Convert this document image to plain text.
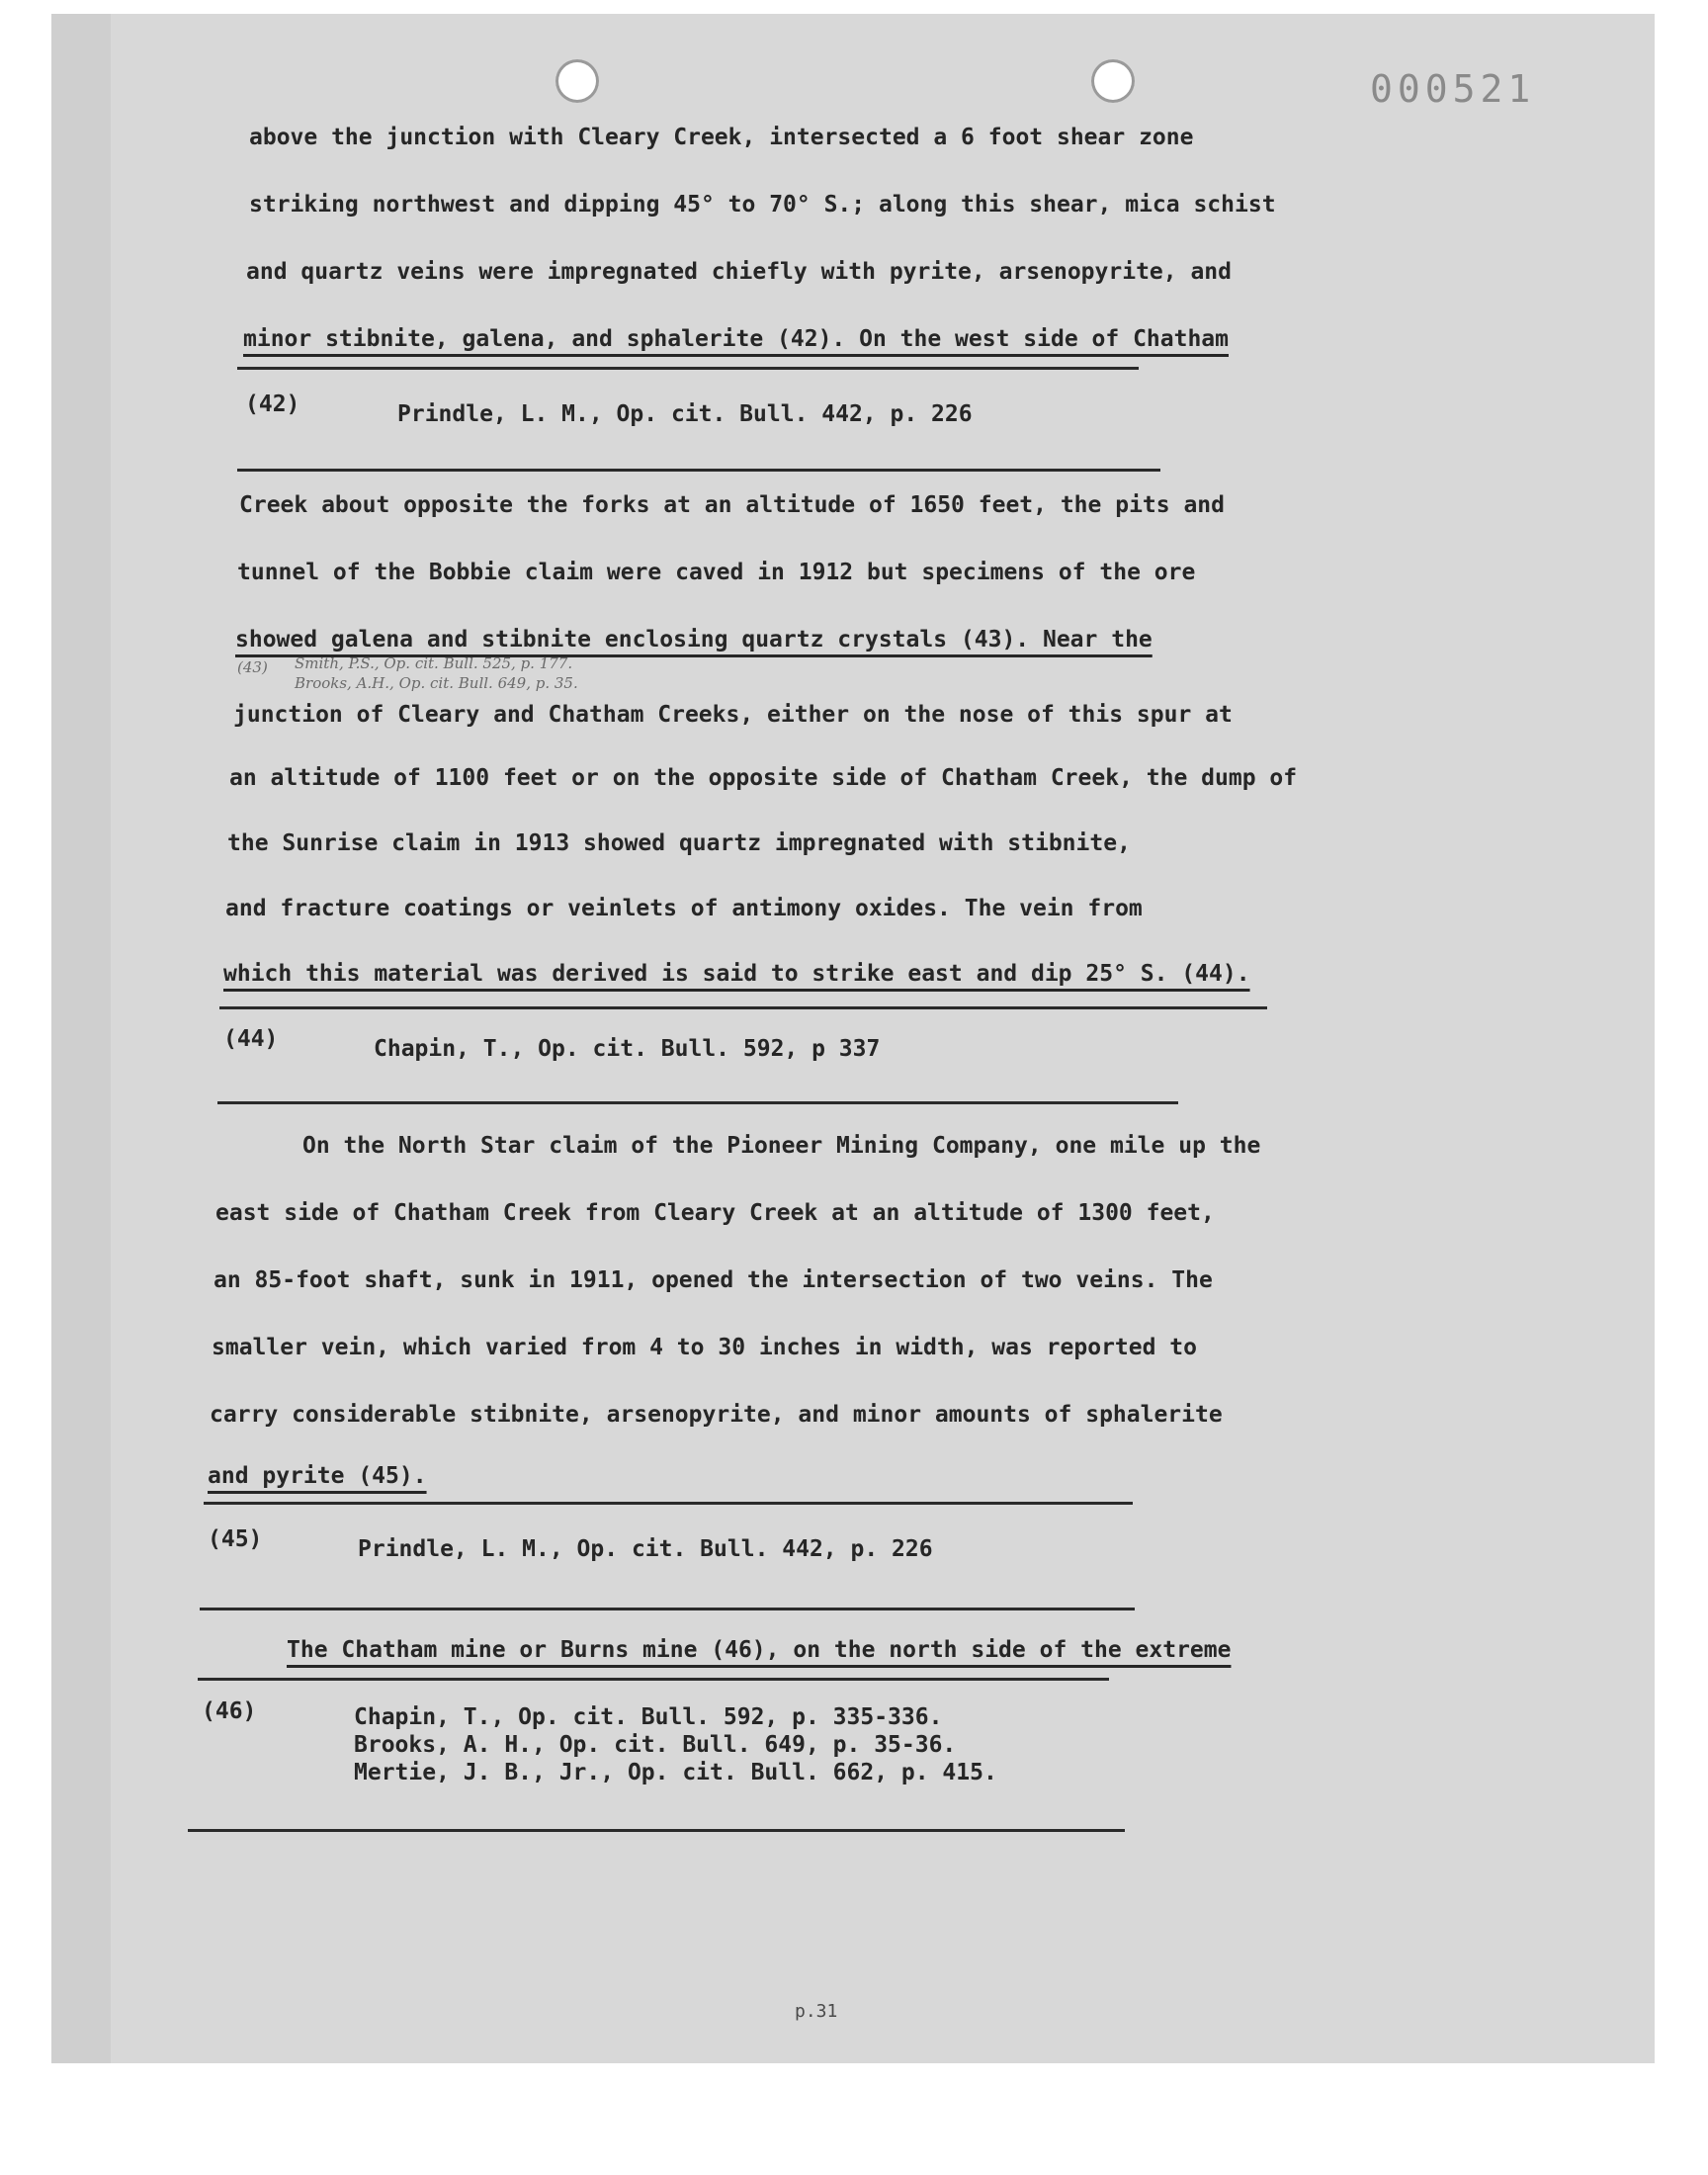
000521
above the junction with Cleary Creek, intersected a 6 foot shear zone
striking northwest and dipping 45° to 70° S.; along this shear, mica schist
and quartz veins were impregnated chiefly with pyrite, arsenopyrite, and
minor stibnite, galena, and sphalerite (42). On the west side of Chatham
(42)	Prindle, L. M., Op. cit. Bull. 442, p. 226
Creek about opposite the forks at an altitude of 1650 feet, the pits and
tunnel of the Bobbie claim were caved in 1912 but specimens of the ore
showed galena and stibnite enclosing quartz crystals (43). Near the
(43) Smith, P.S., Op. cit. Bull. 525, p. 177.
Brooks, A.H., Op. cit. Bull. 649, p. 35.
junction of Cleary and Chatham Creeks, either on the nose of this spur at
an altitude of 1100 feet or on the opposite side of Chatham Creek, the dump of
the Sunrise claim in 1913 showed quartz impregnated with stibnite,
and fracture coatings or veinlets of antimony oxides. The vein from
which this material was derived is said to strike east and dip 25° S. (44).
(44)	Chapin, T., Op. cit. Bull. 592, p 337
On the North Star claim of the Pioneer Mining Company, one mile up the
east side of Chatham Creek from Cleary Creek at an altitude of 1300 feet,
an 85-foot shaft, sunk in 1911, opened the intersection of two veins. The
smaller vein, which varied from 4 to 30 inches in width, was reported to
carry considerable stibnite, arsenopyrite, and minor amounts of sphalerite
and pyrite (45).
(45)	Prindle, L. M., Op. cit. Bull. 442, p. 226
The Chatham mine or Burns mine (46), on the north side of the extreme
(46)	Chapin, T., Op. cit. Bull. 592, p. 335-336.
Brooks, A. H., Op. cit. Bull. 649, p. 35-36.
Mertie, J. B., Jr., Op. cit. Bull. 662, p. 415.
p.31
